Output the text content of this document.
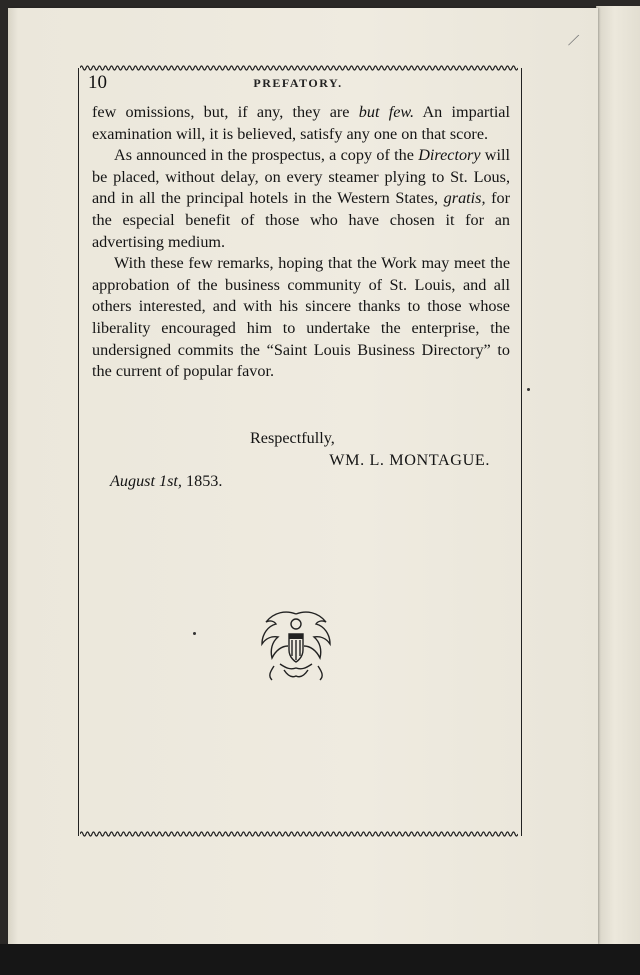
10	PREFATORY.

few omissions, but, if any, they are but few. An impartial examination will, it is believed, satisfy any one on that score.

As announced in the prospectus, a copy of the Directory will be placed, without delay, on every steamer plying to St. Lous, and in all the principal hotels in the Western States, gratis, for the especial benefit of those who have chosen it for an advertising medium.

With these few remarks, hoping that the Work may meet the approbation of the business community of St. Louis, and all others interested, and with his sincere thanks to those whose liberality encouraged him to undertake the enterprise, the undersigned commits the “Saint Louis Business Directory” to the current of popular favor.

Respectfully,
WM. L. MONTAGUE.
August 1st, 1853.
⁄
